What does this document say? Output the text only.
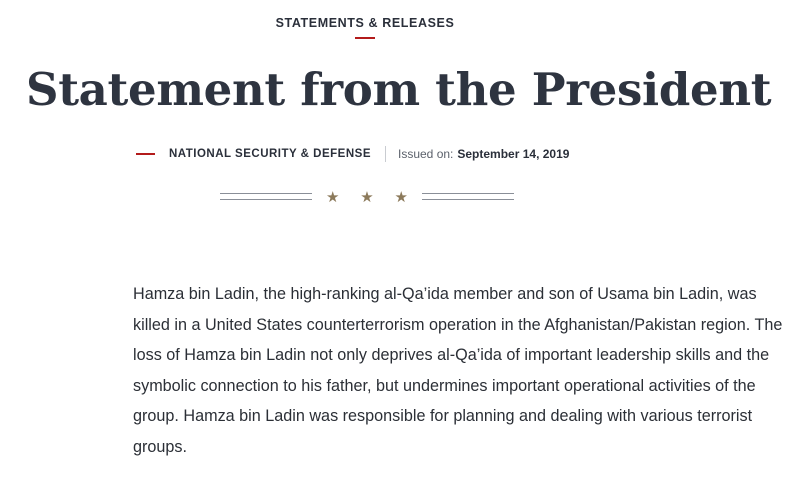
STATEMENTS & RELEASES
Statement from the President
NATIONAL SECURITY & DEFENSE Issued on: September 14, 2019
★ ★ ★

Hamza bin Ladin, the high-ranking al-Qa’ida member and son of Usama bin Ladin, was killed in a United States counterterrorism operation in the Afghanistan/Pakistan region. The loss of Hamza bin Ladin not only deprives al-Qa’ida of important leadership skills and the symbolic connection to his father, but undermines important operational activities of the group. Hamza bin Ladin was responsible for planning and dealing with various terrorist groups.
